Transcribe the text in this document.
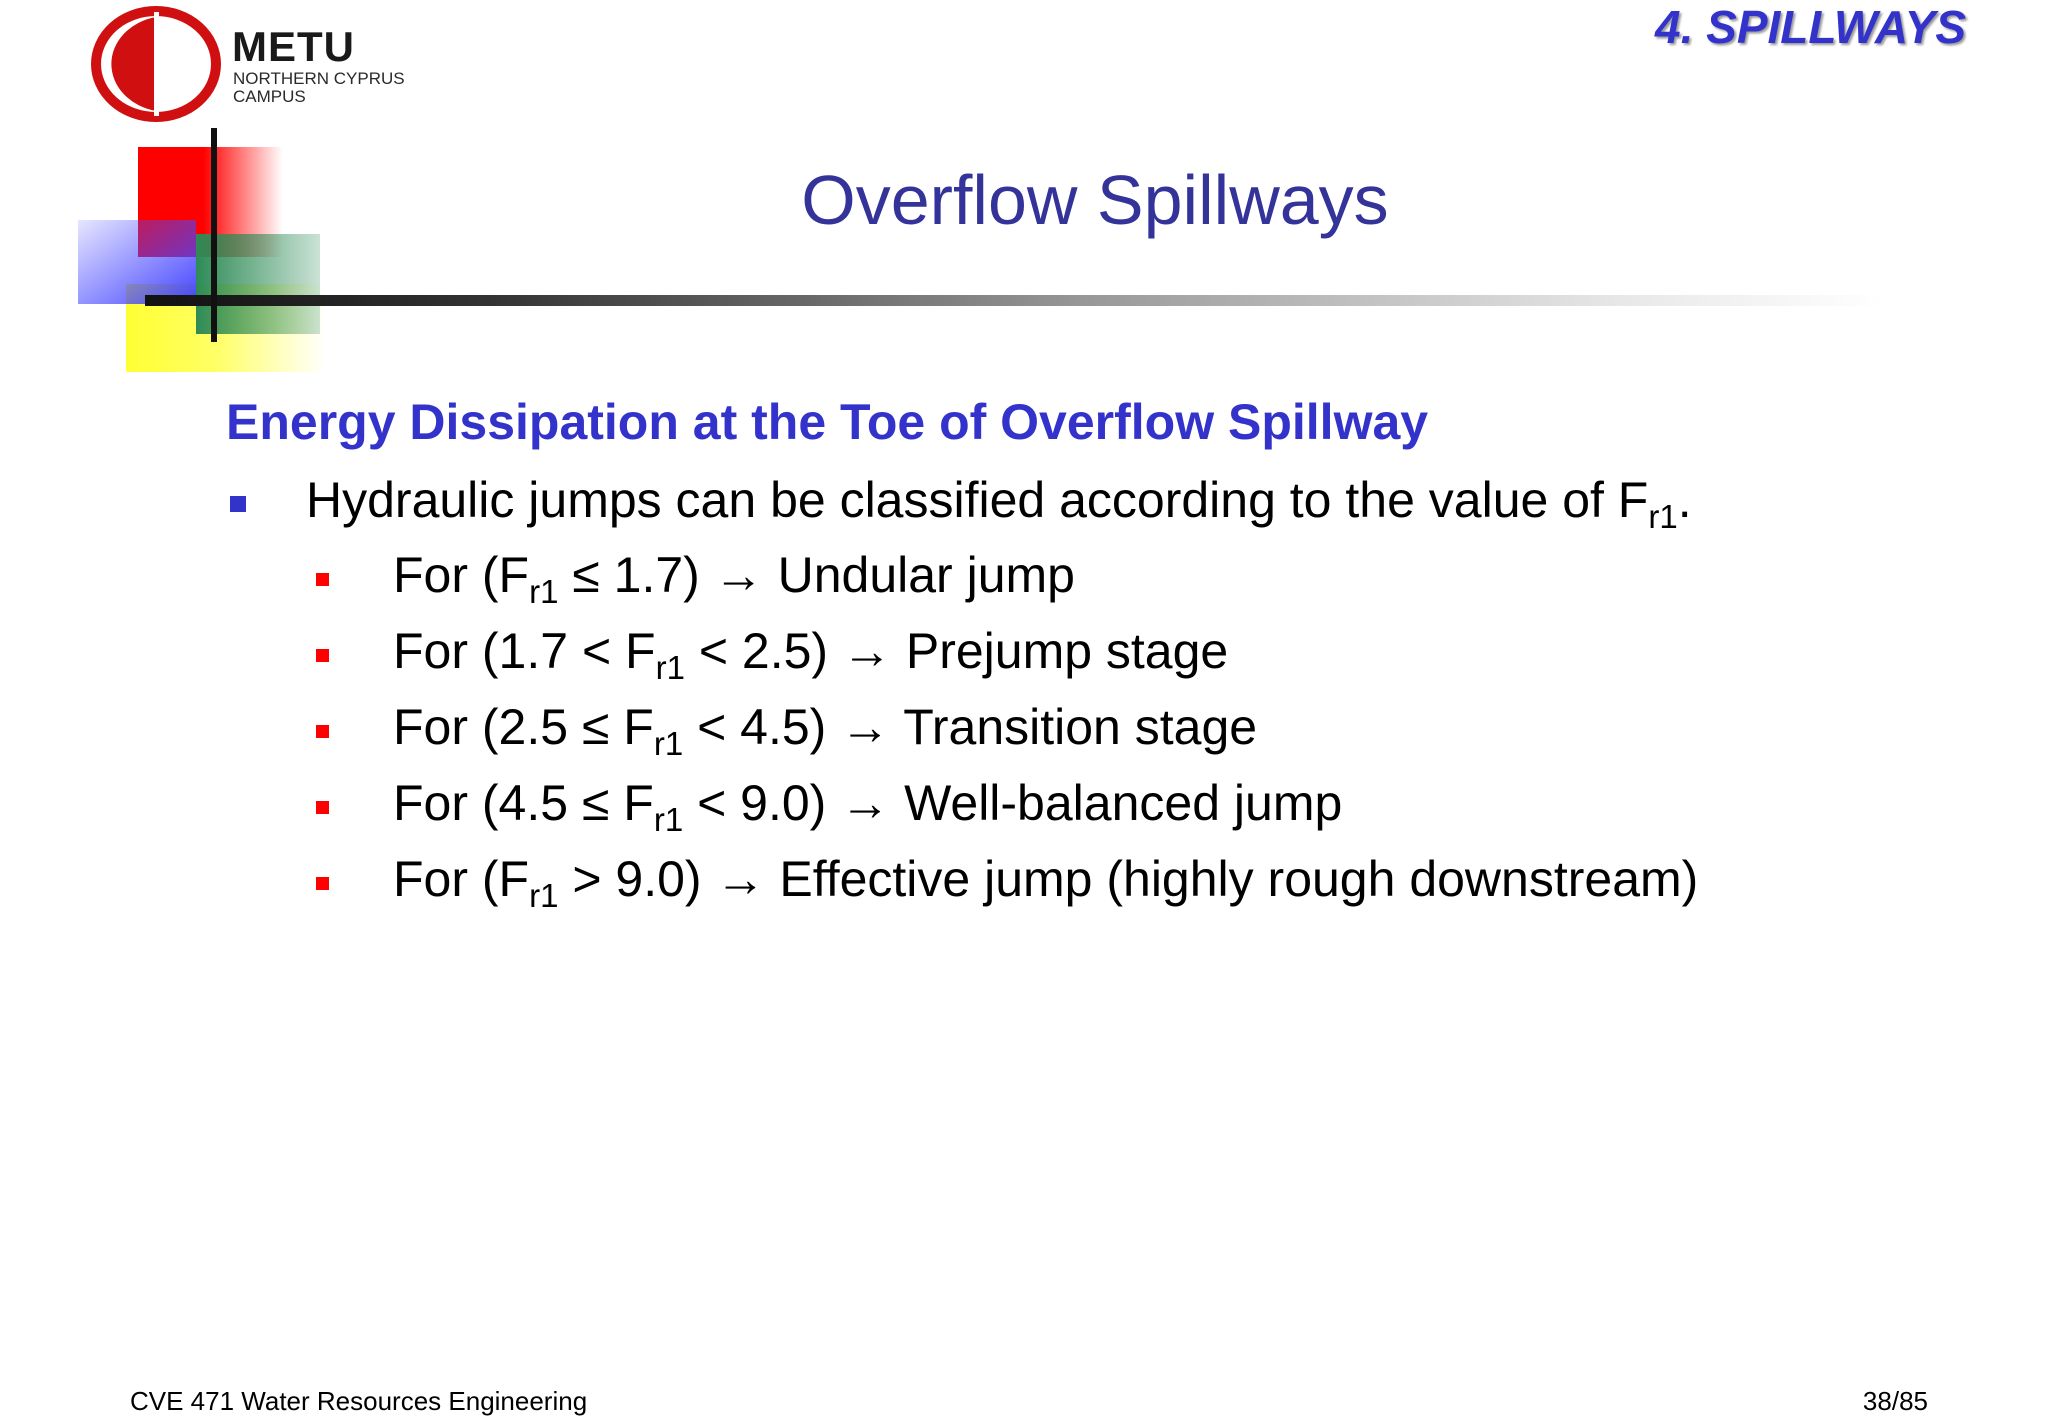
METU
NORTHERN CYPRUS
CAMPUS
4. SPILLWAYS
Overflow Spillways
Energy Dissipation at the Toe of Overflow Spillway
Hydraulic jumps can be classified according to the value of $F_{r1}$.
For $(F_{r1} \le 1.7)$ → Undular jump
For $(1.7 < F_{r1} < 2.5)$ → Prejump stage
For $(2.5 \le F_{r1} < 4.5)$ → Transition stage
For $(4.5 \le F_{r1} < 9.0)$ → Well-balanced jump
For $(F_{r1} > 9.0)$ → Effective jump (highly rough downstream)
CVE 471 Water Resources Engineering	38/85
